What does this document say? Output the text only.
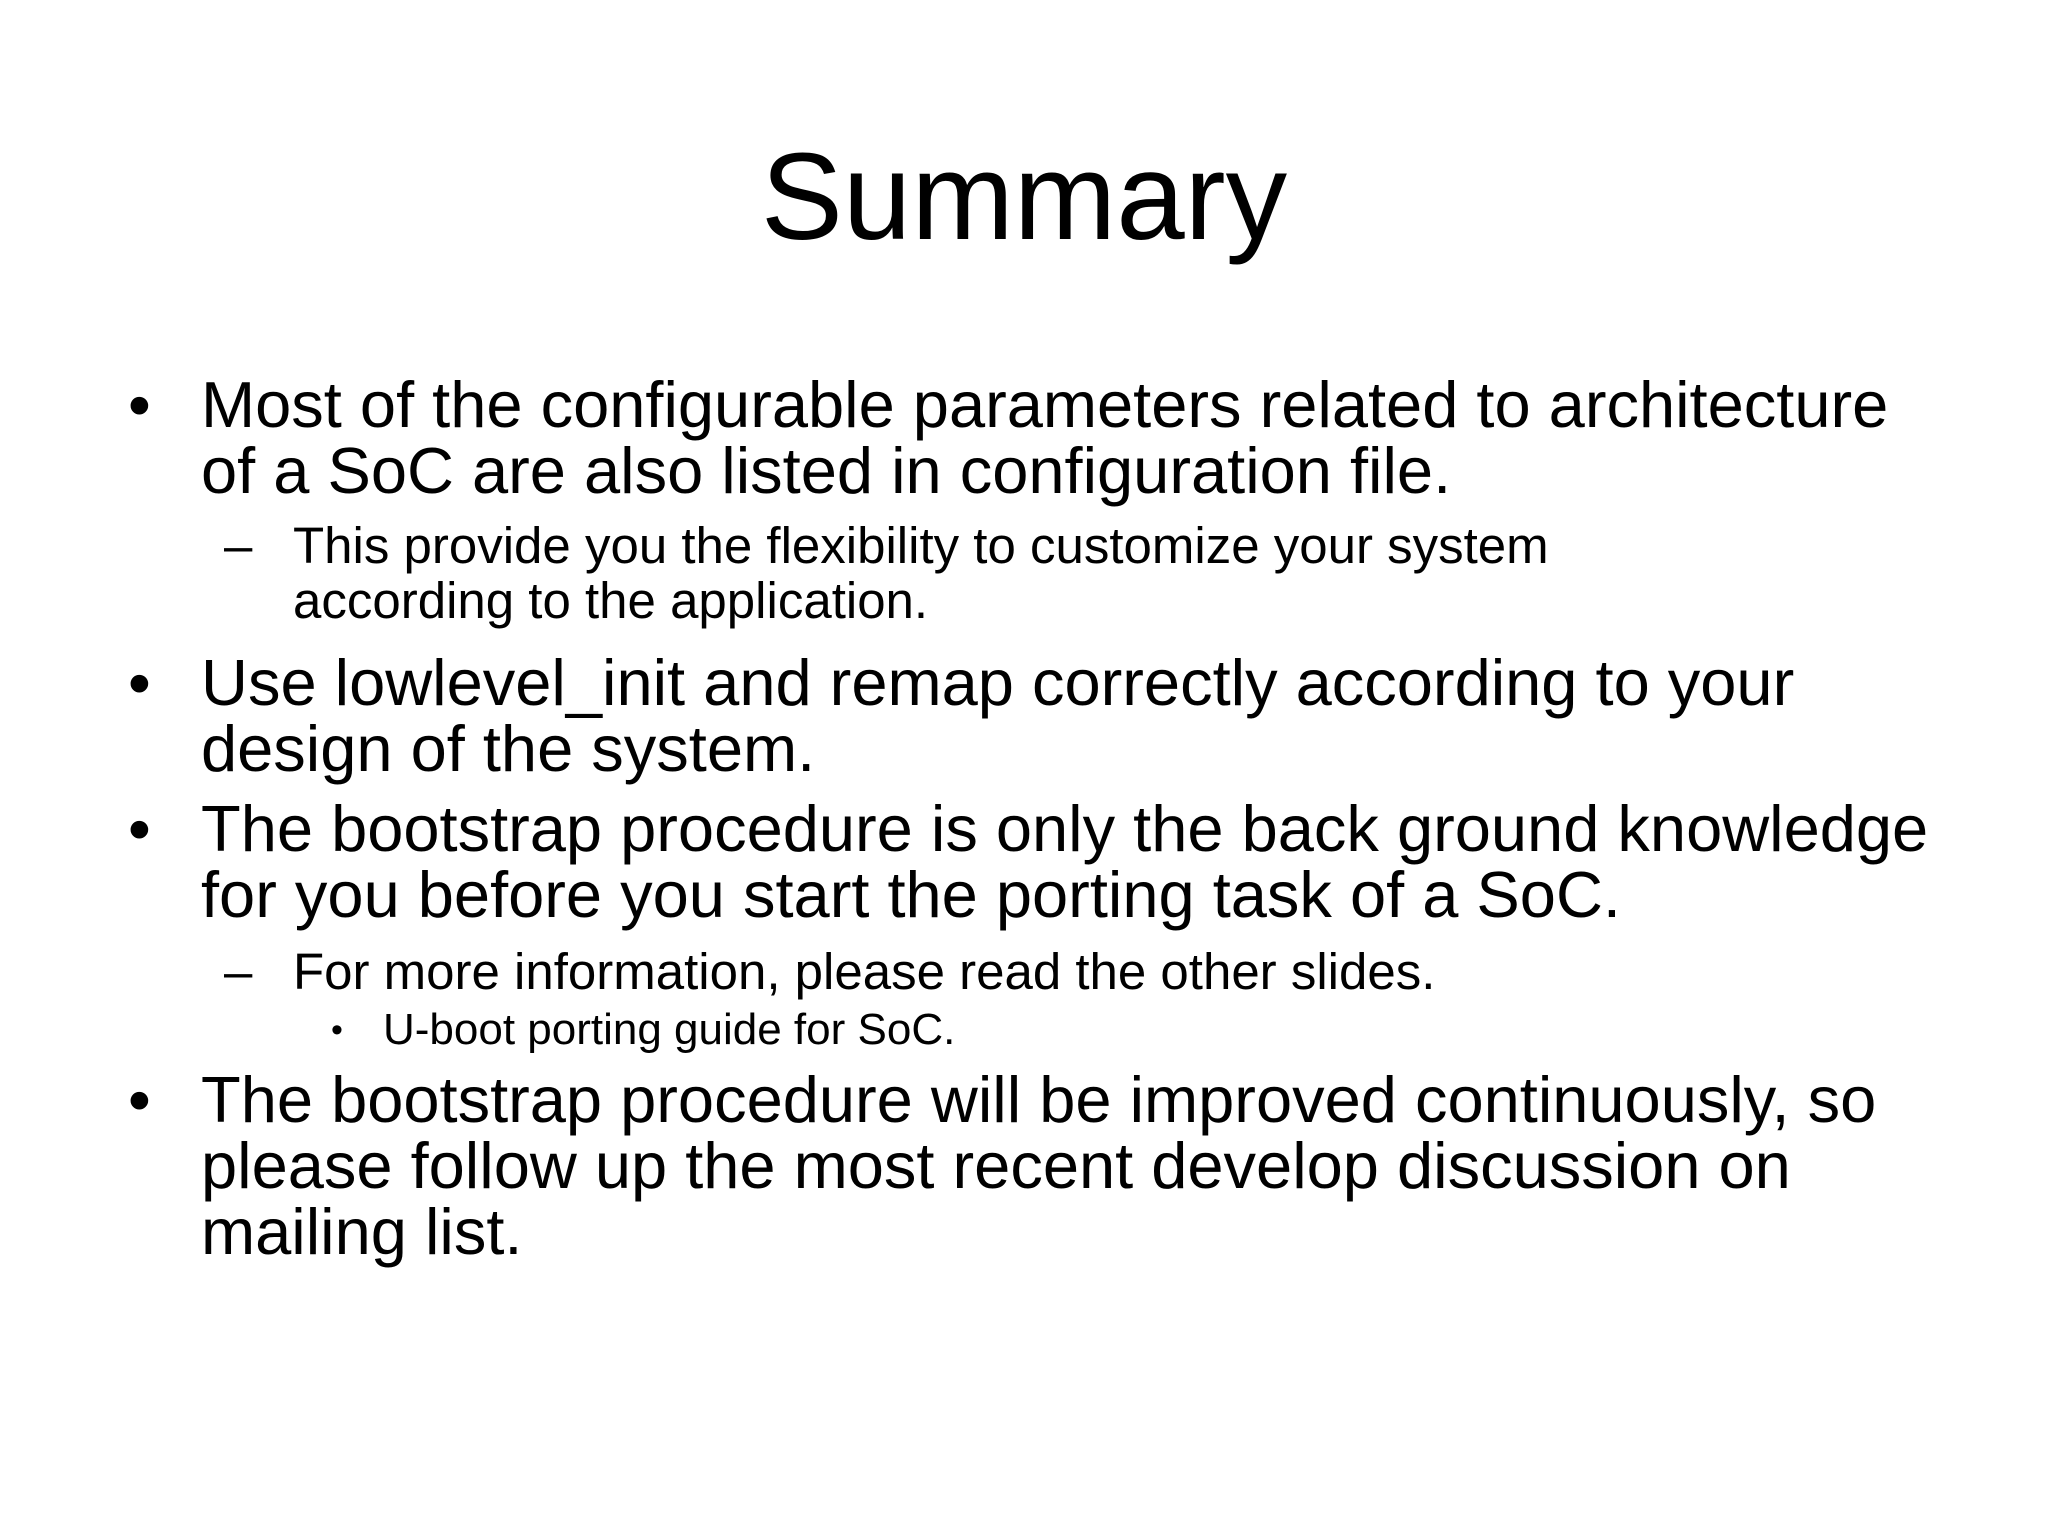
Summary
• Most of the configurable parameters related to architecture of a SoC are also listed in configuration file.
– This provide you the flexibility to customize your system according to the application.
• Use lowlevel_init and remap correctly according to your design of the system.
• The bootstrap procedure is only the back ground knowledge for you before you start the porting task of a SoC.
– For more information, please read the other slides.
• U-boot porting guide for SoC.
• The bootstrap procedure will be improved continuously, so please follow up the most recent develop discussion on mailing list.
